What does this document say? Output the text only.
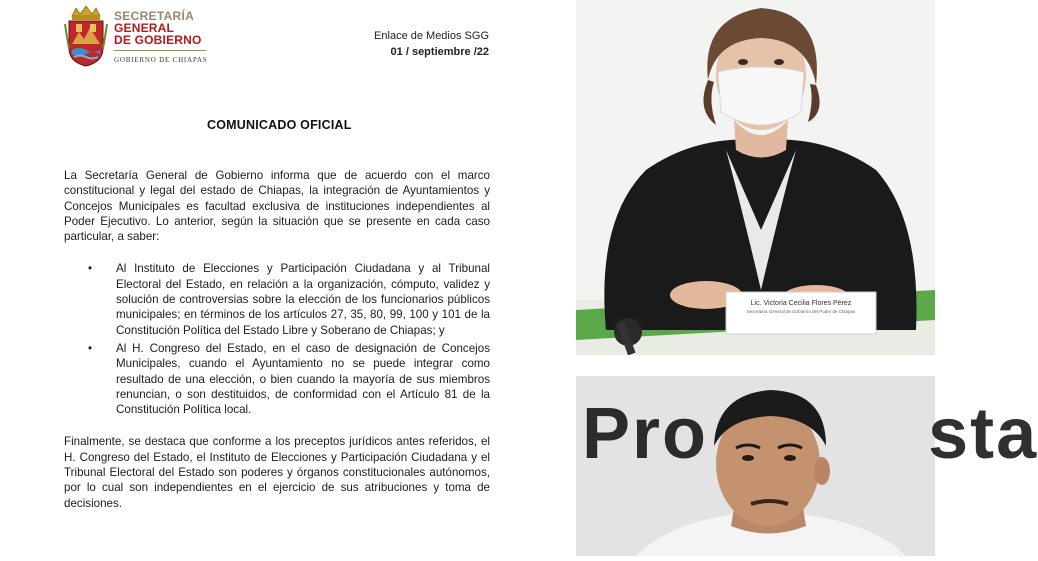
SECRETARÍA
GENERAL
DE GOBIERNO
GOBIERNO DE CHIAPAS
Enlace de Medios SGG
01 / septiembre /22
COMUNICADO OFICIAL

La Secretaría General de Gobierno informa que de acuerdo con el marco constitucional y legal del estado de Chiapas, la integración de Ayuntamientos y Concejos Municipales es facultad exclusiva de instituciones independientes al Poder Ejecutivo. Lo anterior, según la situación que se presente en cada caso particular, a saber:

•	Al Instituto de Elecciones y Participación Ciudadana y al Tribunal Electoral del Estado, en relación a la organización, cómputo, validez y solución de controversias sobre la elección de los funcionarios públicos municipales; en términos de los artículos 27, 35, 80, 99, 100 y 101 de la Constitución Política del Estado Libre y Soberano de Chiapas; y
•	Al H. Congreso del Estado, en el caso de designación de Concejos Municipales, cuando el Ayuntamiento no se puede integrar como resultado de una elección, o bien cuando la mayoría de sus miembros renuncian, o son destituidos, de conformidad con el Artículo 81 de la Constitución Política local.

Finalmente, se destaca que conforme a los preceptos jurídicos antes referidos, el H. Congreso del Estado, el Instituto de Elecciones y Participación Ciudadana y el Tribunal Electoral del Estado son poderes y órganos constitucionales autónomos, por lo cual son independientes en el ejercicio de sus atribuciones y toma de decisiones.

Lic. Victoria Cecilia Flores Pérez
Secretaría General de Gobierno del Poder de Chiapas
Pro          sta
